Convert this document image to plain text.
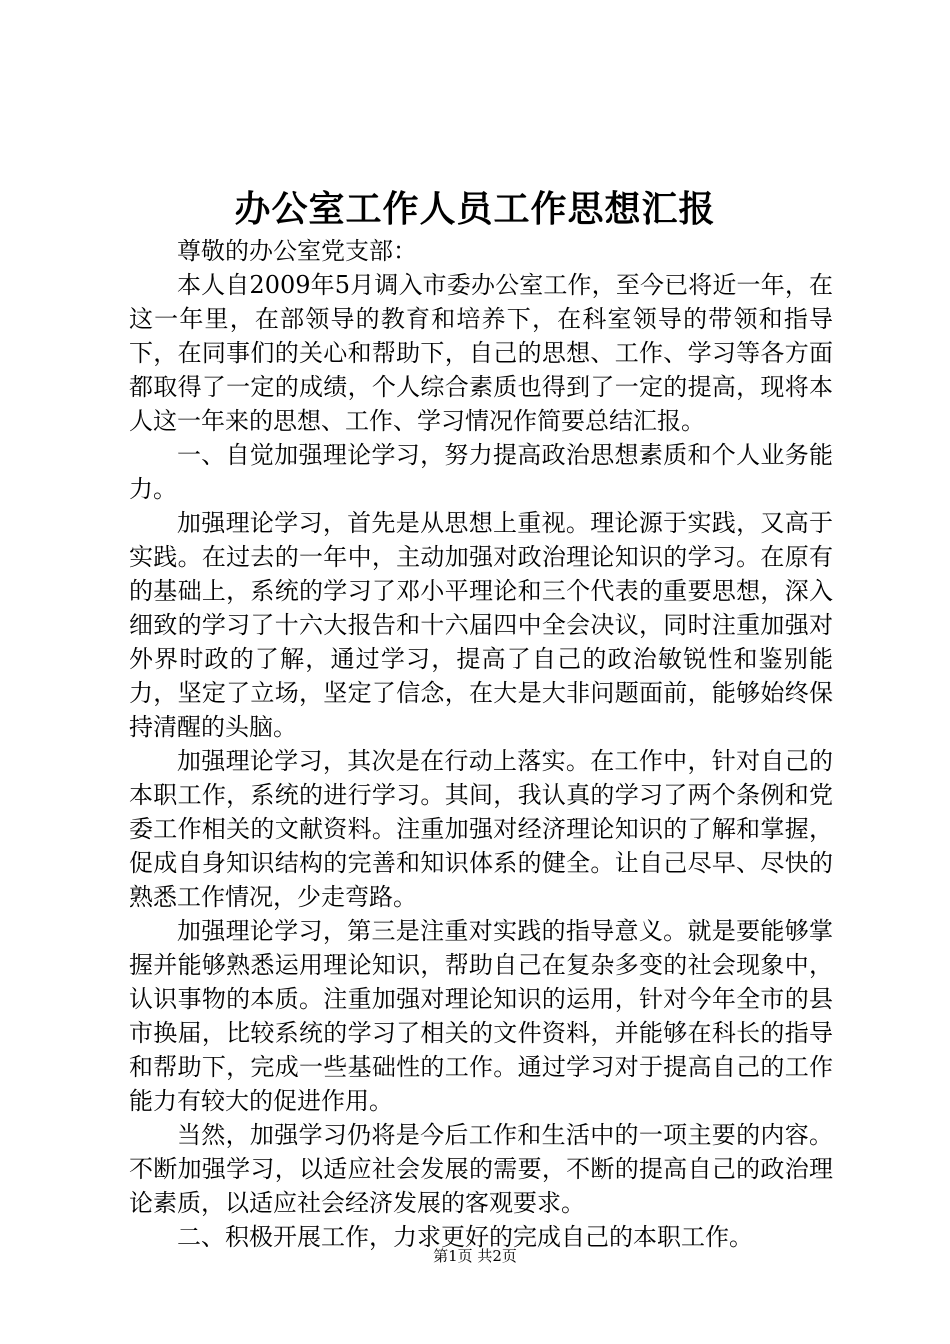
办公室工作人员工作思想汇报

尊敬的办公室党支部：

本人自2009年5月调入市委办公室工作，至今已将近一年，在这一年里，在部领导的教育和培养下，在科室领导的带领和指导下，在同事们的关心和帮助下，自己的思想、工作、学习等各方面都取得了一定的成绩，个人综合素质也得到了一定的提高，现将本人这一年来的思想、工作、学习情况作简要总结汇报。

一、自觉加强理论学习，努力提高政治思想素质和个人业务能力。

加强理论学习，首先是从思想上重视。理论源于实践，又高于实践。在过去的一年中，主动加强对政治理论知识的学习。在原有的基础上，系统的学习了邓小平理论和三个代表的重要思想，深入细致的学习了十六大报告和十六届四中全会决议，同时注重加强对外界时政的了解，通过学习，提高了自己的政治敏锐性和鉴别能力，坚定了立场，坚定了信念，在大是大非问题面前，能够始终保持清醒的头脑。

加强理论学习，其次是在行动上落实。在工作中，针对自己的本职工作，系统的进行学习。其间，我认真的学习了两个条例和党委工作相关的文献资料。注重加强对经济理论知识的了解和掌握，促成自身知识结构的完善和知识体系的健全。让自己尽早、尽快的熟悉工作情况，少走弯路。

加强理论学习，第三是注重对实践的指导意义。就是要能够掌握并能够熟悉运用理论知识，帮助自己在复杂多变的社会现象中，认识事物的本质。注重加强对理论知识的运用，针对今年全市的县市换届，比较系统的学习了相关的文件资料，并能够在科长的指导和帮助下，完成一些基础性的工作。通过学习对于提高自己的工作能力有较大的促进作用。

当然，加强学习仍将是今后工作和生活中的一项主要的内容。不断加强学习，以适应社会发展的需要，不断的提高自己的政治理论素质，以适应社会经济发展的客观要求。

二、积极开展工作，力求更好的完成自己的本职工作。

第1页 共2页
